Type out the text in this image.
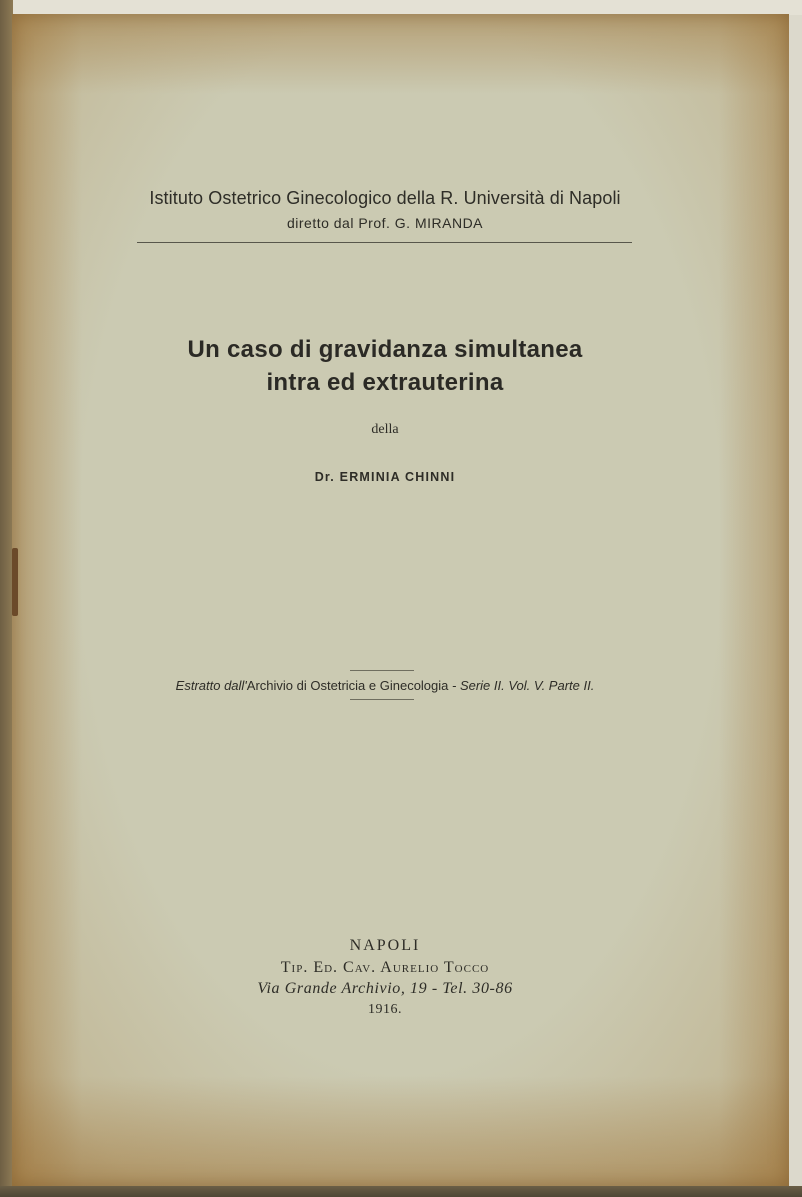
Istituto Ostetrico Ginecologico della R. Università di Napoli
diretto dal Prof. G. MIRANDA
Un caso di gravidanza simultanea
intra ed extrauterina
della
Dr. ERMINIA CHINNI
Estratto dall'Archivio di Ostetricia e Ginecologia - Serie II. Vol. V. Parte II.
NAPOLI
Tip. Ed. Cav. Aurelio Tocco
Via Grande Archivio, 19 - Tel. 30-86
1916.
